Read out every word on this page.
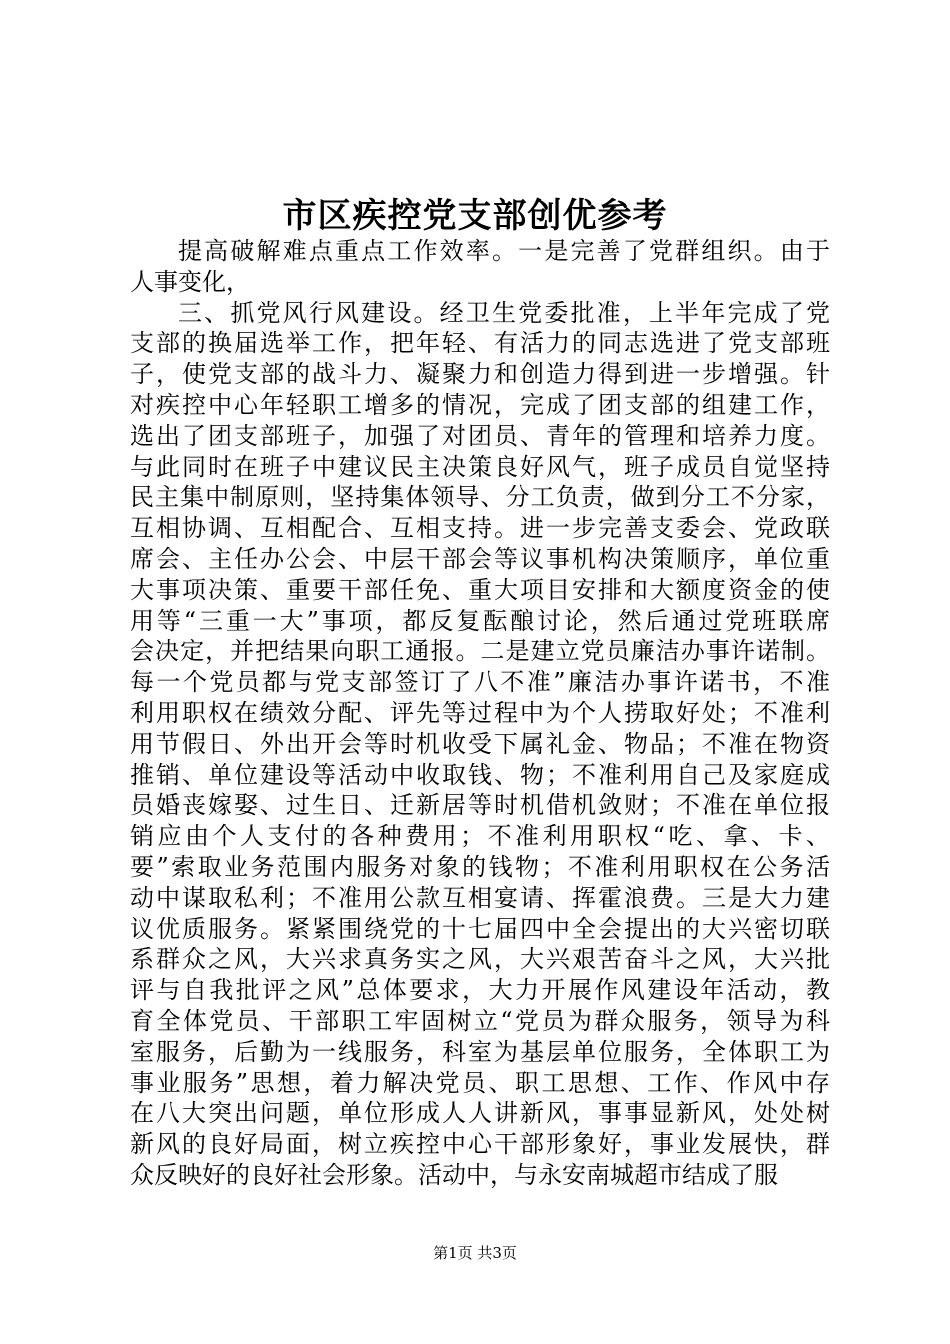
市区疾控党支部创优参考
提高破解难点重点工作效率。一是完善了党群组织。由于
人事变化，
三、抓党风行风建设。经卫生党委批准，上半年完成了党
支部的换届选举工作，把年轻、有活力的同志选进了党支部班
子，使党支部的战斗力、凝聚力和创造力得到进一步增强。针
对疾控中心年轻职工增多的情况，完成了团支部的组建工作，
选出了团支部班子，加强了对团员、青年的管理和培养力度。
与此同时在班子中建议民主决策良好风气，班子成员自觉坚持
民主集中制原则，坚持集体领导、分工负责，做到分工不分家，
互相协调、互相配合、互相支持。进一步完善支委会、党政联
席会、主任办公会、中层干部会等议事机构决策顺序，单位重
大事项决策、重要干部任免、重大项目安排和大额度资金的使
用等“三重一大”事项，都反复酝酿讨论，然后通过党班联席
会决定，并把结果向职工通报。二是建立党员廉洁办事许诺制。
每一个党员都与党支部签订了八不准”廉洁办事许诺书，不准
利用职权在绩效分配、评先等过程中为个人捞取好处；不准利
用节假日、外出开会等时机收受下属礼金、物品；不准在物资
推销、单位建设等活动中收取钱、物；不准利用自己及家庭成
员婚丧嫁娶、过生日、迁新居等时机借机敛财；不准在单位报
销应由个人支付的各种费用；不准利用职权“吃、拿、卡、
要”索取业务范围内服务对象的钱物；不准利用职权在公务活
动中谋取私利；不准用公款互相宴请、挥霍浪费。三是大力建
议优质服务。紧紧围绕党的十七届四中全会提出的大兴密切联
系群众之风，大兴求真务实之风，大兴艰苦奋斗之风，大兴批
评与自我批评之风”总体要求，大力开展作风建设年活动，教
育全体党员、干部职工牢固树立“党员为群众服务，领导为科
室服务，后勤为一线服务，科室为基层单位服务，全体职工为
事业服务”思想，着力解决党员、职工思想、工作、作风中存
在八大突出问题，单位形成人人讲新风，事事显新风，处处树
新风的良好局面，树立疾控中心干部形象好，事业发展快，群
众反映好的良好社会形象。活动中，与永安南城超市结成了服
第1页 共3页
